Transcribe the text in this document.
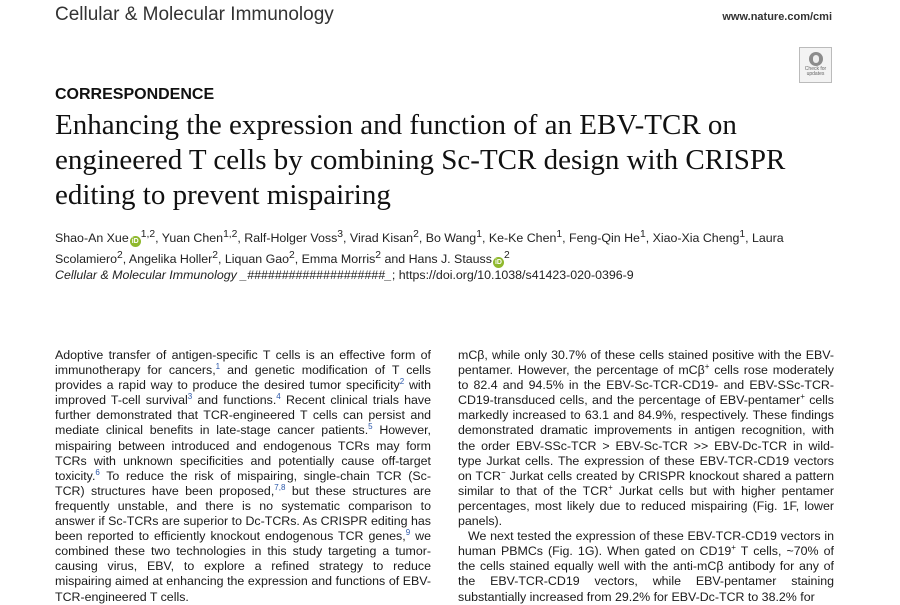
Cellular & Molecular Immunology	www.nature.com/cmi
Check for
updates
CORRESPONDENCE
Enhancing the expression and function of an EBV-TCR on engineered T cells by combining Sc-TCR design with CRISPR editing to prevent mispairing
Shao-An Xue iD$^{1,2}$, Yuan Chen$^{1,2}$, Ralf-Holger Voss$^3$, Virad Kisan$^2$, Bo Wang$^1$, Ke-Ke Chen$^1$, Feng-Qin He$^1$, Xiao-Xia Cheng$^1$, Laura Scolamiero$^2$, Angelika Holler$^2$, Liquan Gao$^2$, Emma Morris$^2$ and Hans J. Stauss $iD^2$
Cellular & Molecular Immunology _####################_; https://doi.org/10.1038/s41423-020-0396-9

Adoptive transfer of antigen-specific T cells is an effective form of immunotherapy for cancers,$^1$ and genetic modification of T cells provides a rapid way to produce the desired tumor specificity$^2$ with improved T-cell survival$^3$ and functions.$^4$ Recent clinical trials have further demonstrated that TCR-engineered T cells can persist and mediate clinical benefits in late-stage cancer patients.$^5$ However, mispairing between introduced and endogenous TCRs may form TCRs with unknown specificities and potentially cause off-target toxicity.$^6$ To reduce the risk of mispairing, single-chain TCR (Sc-TCR) structures have been proposed,$^{7,8}$ but these structures are frequently unstable, and there is no systematic comparison to answer if Sc-TCRs are superior to Dc-TCRs. As CRISPR editing has been reported to efficiently knockout endogenous TCR genes,$^9$ we combined these two technologies in this study targeting a tumor-causing virus, EBV, to explore a refined strategy to reduce mispairing aimed at enhancing the expression and functions of EBV-TCR-engineered T cells.

mCβ, while only 30.7% of these cells stained positive with the EBV-pentamer. However, the percentage of mCβ+ cells rose moderately to 82.4 and 94.5% in the EBV-Sc-TCR-CD19- and EBV-SSc-TCR-CD19-transduced cells, and the percentage of EBV-pentamer+ cells markedly increased to 63.1 and 84.9%, respectively. These findings demonstrated dramatic improvements in antigen recognition, with the order EBV-SSc-TCR > EBV-Sc-TCR >> EBV-Dc-TCR in wild-type Jurkat cells. The expression of these EBV-TCR-CD19 vectors on TCR− Jurkat cells created by CRISPR knockout shared a pattern similar to that of the TCR+ Jurkat cells but with higher pentamer percentages, most likely due to reduced mispairing (Fig. 1F, lower panels).

We next tested the expression of these EBV-TCR-CD19 vectors in human PBMCs (Fig. 1G). When gated on CD19+ T cells, ~70% of the cells stained equally well with the anti-mCβ antibody for any of the EBV-TCR-CD19 vectors, while EBV-pentamer staining substantially increased from 29.2% for EBV-Dc-TCR to 38.2% for
